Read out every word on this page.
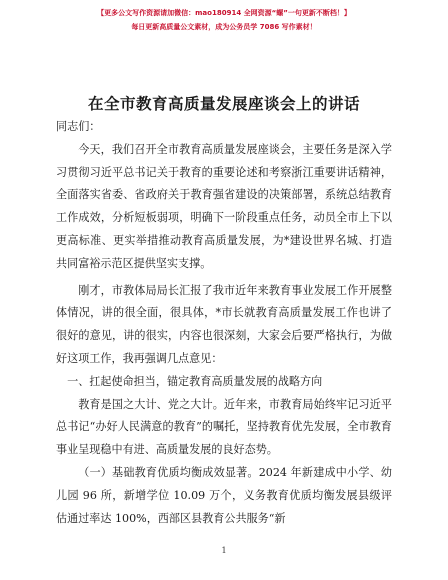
【更多公文写作资源请加微信：mao180914 全网资源“螺”一句更新不断档！】
每日更新高质量公文素材，成为公务员学 7086 写作素材！
在全市教育高质量发展座谈会上的讲话

同志们：

今天，我们召开全市教育高质量发展座谈会，主要任务是深入学习贯彻习近平总书记关于教育的重要论述和考察浙江重要讲话精神，全面落实省委、省政府关于教育强省建设的决策部署，系统总结教育工作成效，分析短板弱项，明确下一阶段重点任务，动员全市上下以更高标准、更实举措推动教育高质量发展，为*建设世界名城、打造共同富裕示范区提供坚实支撑。

刚才，市教体局局长汇报了我市近年来教育事业发展工作开展整体情况，讲的很全面，很具体，*市长就教育高质量发展工作也讲了很好的意见，讲的很实，内容也很深刻，大家会后要严格执行，为做好这项工作，我再强调几点意见：

一、扛起使命担当，锚定教育高质量发展的战略方向

教育是国之大计、党之大计。近年来，市教育局始终牢记习近平总书记“办好人民满意的教育”的嘱托，坚持教育优先发展，全市教育事业呈现稳中有进、高质量发展的良好态势。

（一）基础教育优质均衡成效显著。2024 年新建成中小学、幼儿园 96 所，新增学位 10.09 万个，义务教育优质均衡发展县级评估通过率达 100%，西部区县教育公共服务“新

1
